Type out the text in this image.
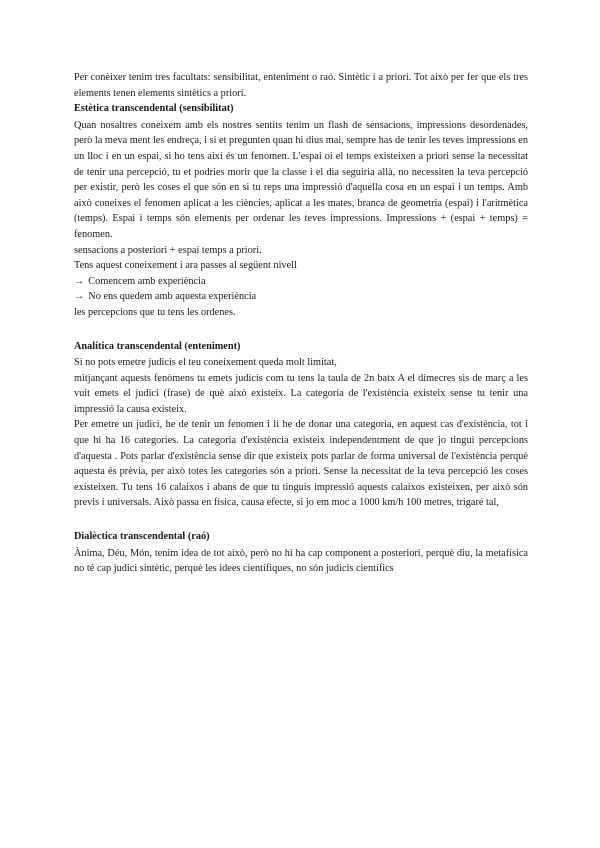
Per conèixer tenim tres facultats: sensibilitat, enteniment o raó. Sintètic i a priori. Tot això per fer que els tres elements tenen elements sintètics a priori.

Estètica transcendental (sensibilitat)

Quan nosaltres coneixem amb els nostres sentits tenim un flash de sensacions, impressions desordenades, però la meva ment les endreça, i si et pregunten quan hi dius mai, sempre has de tenir les teves impressions en un lloc i en un espai, si ho tens així és un fenomen. L'espai oi el temps existeixen a priori sense la necessitat de tenir una percepció, tu et podries morir que la classe i el dia seguiria allà, no necessiten la teva percepció per existir, però les coses el que són en si tu reps una impressió d'aquella cosa en un espai i un temps. Amb això coneixes el fenomen aplicat a les ciències, aplicat a les mates, branca de geometria (espai) i l'aritmètica (temps). Espai i temps són elements per ordenar les teves impressions. Impressions + (espai + temps) = fenomen.

sensacions a posteriori + espai temps a priori.
Tens aquest coneixement i ara passes al següent nivell
→ Comencem amb experiència
→ No ens quedem amb aquesta experiència
les percepcions que tu tens les ordenes.
Analítica transcendental (enteniment)
Si no pots emetre judicis el teu coneixement queda molt limitat,

mitjançant aquests fenòmens tu emets judicis com tu tens la taula de 2n batx A el dimecres sis de març a les vuit emets el judici (frase) de què això existeix. La categoria de l'existència existeix sense tu tenir una impressió la causa existeix.

Per emetre un judici, he de tenir un fenomen i li he de donar una categoria, en aquest cas d'existència, tot i que hi ha 16 categories. La categoria d'existència existeix independentment de que jo tingui percepcions d'aquesta . Pots parlar d'existència sense dir que existeix pots parlar de forma universal de l'existència perquè aquesta és prèvia, per això totes les categories són a priori. Sense la necessitat de la teva percepció les coses existeixen. Tu tens 16 calaixos i abans de que tu tinguis impressió aquests calaixos existeixen, per això són previs i universals. Això passa en física, causa efecte, si jo em moc a 1000 km/h 100 metres, trigaré tal,

Dialèctica transcendental (raó)

Ànima, Déu, Món, tenim idea de tot això, però no hi ha cap component a posteriori, perquè diu, la metafísica no té cap judici sintètic, perquè les idees científiques, no són judicis científics
